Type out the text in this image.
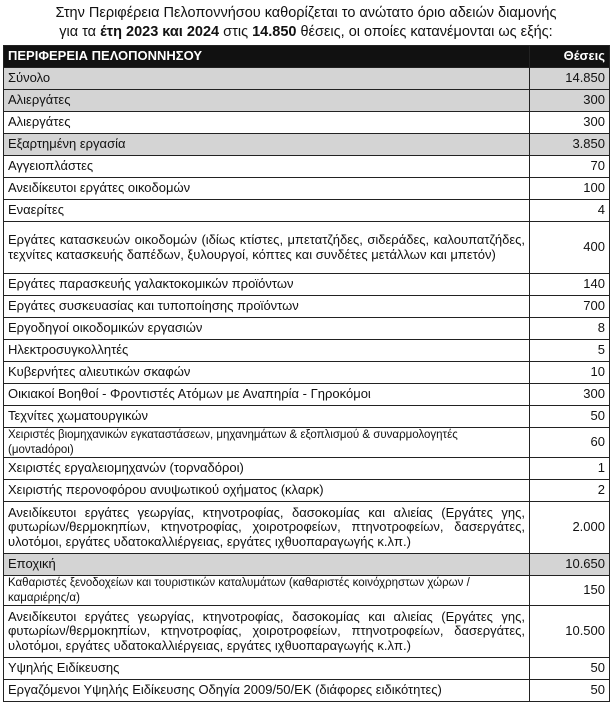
Στην Περιφέρεια Πελοποννήσου καθορίζεται το ανώτατο όριο αδειών διαμονής
για τα έτη 2023 και 2024 στις 14.850 θέσεις, οι οποίες κατανέμονται ως εξής:
ΠΕΡΙΦΕΡΕΙΑ ΠΕΛΟΠΟΝΝΗΣΟΥ	Θέσεις
Σύνολο	14.850
Αλιεργάτες	300
Αλιεργάτες	300
Εξαρτημένη εργασία	3.850
Αγγειοπλάστες	70
Ανειδίκευτοι εργάτες οικοδομών	100
Εναερίτες	4
Εργάτες κατασκευών οικοδομών (ιδίως κτίστες, μπετατζήδες, σιδεράδες, καλουπατζήδες, τεχνίτες κατασκευής δαπέδων, ξυλουργοί, κόπτες και συνδέτες μετάλλων και μπετόν)	400
Εργάτες παρασκευής γαλακτοκομικών προϊόντων	140
Εργάτες συσκευασίας και τυποποίησης προϊόντων	700
Εργοδηγοί οικοδομικών εργασιών	8
Ηλεκτροσυγκολλητές	5
Κυβερνήτες αλιευτικών σκαφών	10
Οικιακοί Βοηθοί - Φροντιστές Ατόμων με Αναπηρία - Γηροκόμοι	300
Τεχνίτες χωματουργικών	50
Χειριστές βιομηχανικών εγκαταστάσεων, μηχανημάτων & εξοπλισμού & συναρμολογητές (μοντadόροι)	60
Χειριστές εργαλειομηχανών (τορναδόροι)	1
Χειριστής περονοφόρου ανυψωτικού οχήματος (κλαρκ)	2
Ανειδίκευτοι εργάτες γεωργίας, κτηνοτροφίας, δασοκομίας και αλιείας (Εργάτες γης, φυτωρίων/θερμοκηπίων, κτηνοτροφίας, χοιροτροφείων, πτηνοτροφείων, δασεργάτες, υλοτόμοι, εργάτες υδατοκαλλιέργειας, εργάτες ιχθυοπαραγωγής κ.λπ.)	2.000
Εποχική	10.650
Καθαριστές ξενοδοχείων και τουριστικών καταλυμάτων (καθαριστές κοινόχρηστων χώρων / καμαριέρης/α)	150
Ανειδίκευτοι εργάτες γεωργίας, κτηνοτροφίας, δασοκομίας και αλιείας (Εργάτες γης, φυτωρίων/θερμοκηπίων, κτηνοτροφίας, χοιροτροφείων, πτηνοτροφείων, δασεργάτες, υλοτόμοι, εργάτες υδατοκαλλιέργειας, εργάτες ιχθυοπαραγωγής κ.λπ.)	10.500
Υψηλής Ειδίκευσης	50
Εργαζόμενοι Υψηλής Ειδίκευσης Οδηγία 2009/50/ΕΚ (διάφορες ειδικότητες)	50
